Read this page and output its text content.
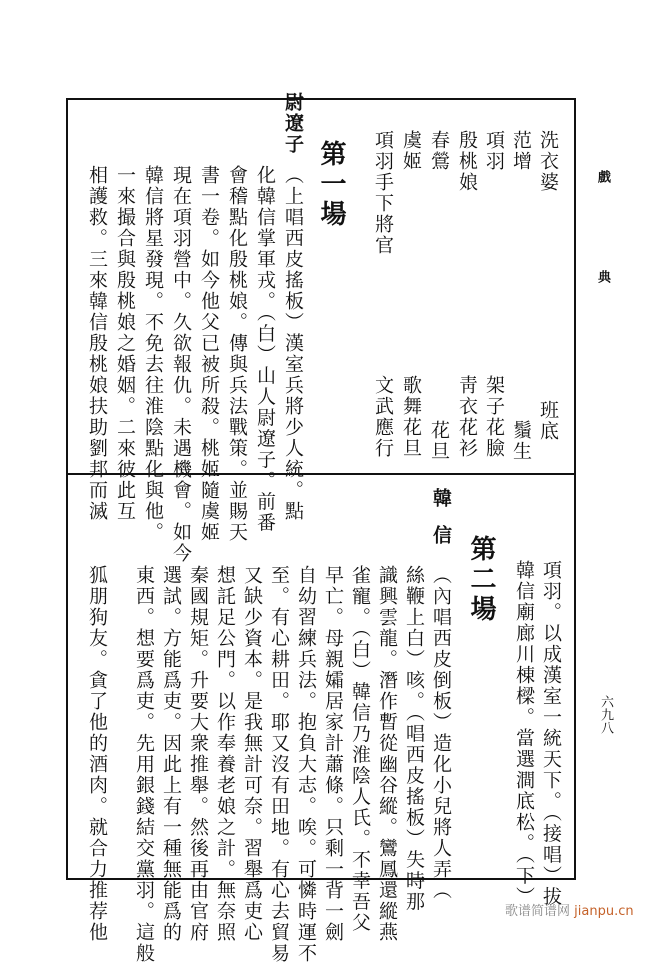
戲
典
六九八
洗衣婆
班底
范增
鬚生
項羽
架子花臉
殷桃娘
靑衣花衫
春鶯
花旦
虞姬
歌舞花旦
項羽手下將官
文武應行
第一場
尉遼子
（上唱西皮搖板）漢室兵將少人統。點
化韓信掌軍戎。（白）山人尉遼子。前番
會稽點化殷桃娘。傳與兵法戰策。並賜天
書一卷。如今他父已被所殺。桃姬隨虞姬
現在項羽營中。久欲報仇。未遇機會。如今
韓信將星發現。不免去往淮陰點化與他。
一來撮合與殷桃娘之婚姻。二來彼此互
相護救。三來韓信殷桃娘扶助劉邦而滅
項羽。以成漢室一統天下。（接唱）拔
韓信廟廊川棟樑。當選澗底松。（下）
第二場
韓信
（內唱西皮倒板）造化小兒將人弄（
絲鞭上白）咳。（唱西皮搖板）失時那
識興雲龍。潛作暫從幽谷縱。鸞鳳還縱燕
雀寵。（白）韓信乃淮陰人氏。不幸吾父
早亡。母親孀居家計蕭條。只剩一背一劍
自幼習練兵法。抱負大志。唉。可憐時運不
至。有心耕田。耶又沒有田地。有心去貿易
又缺少資本。是我無計可奈。習舉爲吏心
想託足公門。以作奉養老娘之計。無奈照
秦國規矩。升要大衆推舉。然後再由官府
選試。方能爲吏。因此上有一種無能爲的
東西。想要爲吏。先用銀錢結交黨羽。這般
狐朋狗友。貪了他的酒肉。就合力推荐他	歌谱简谱网 jianpu.cn
